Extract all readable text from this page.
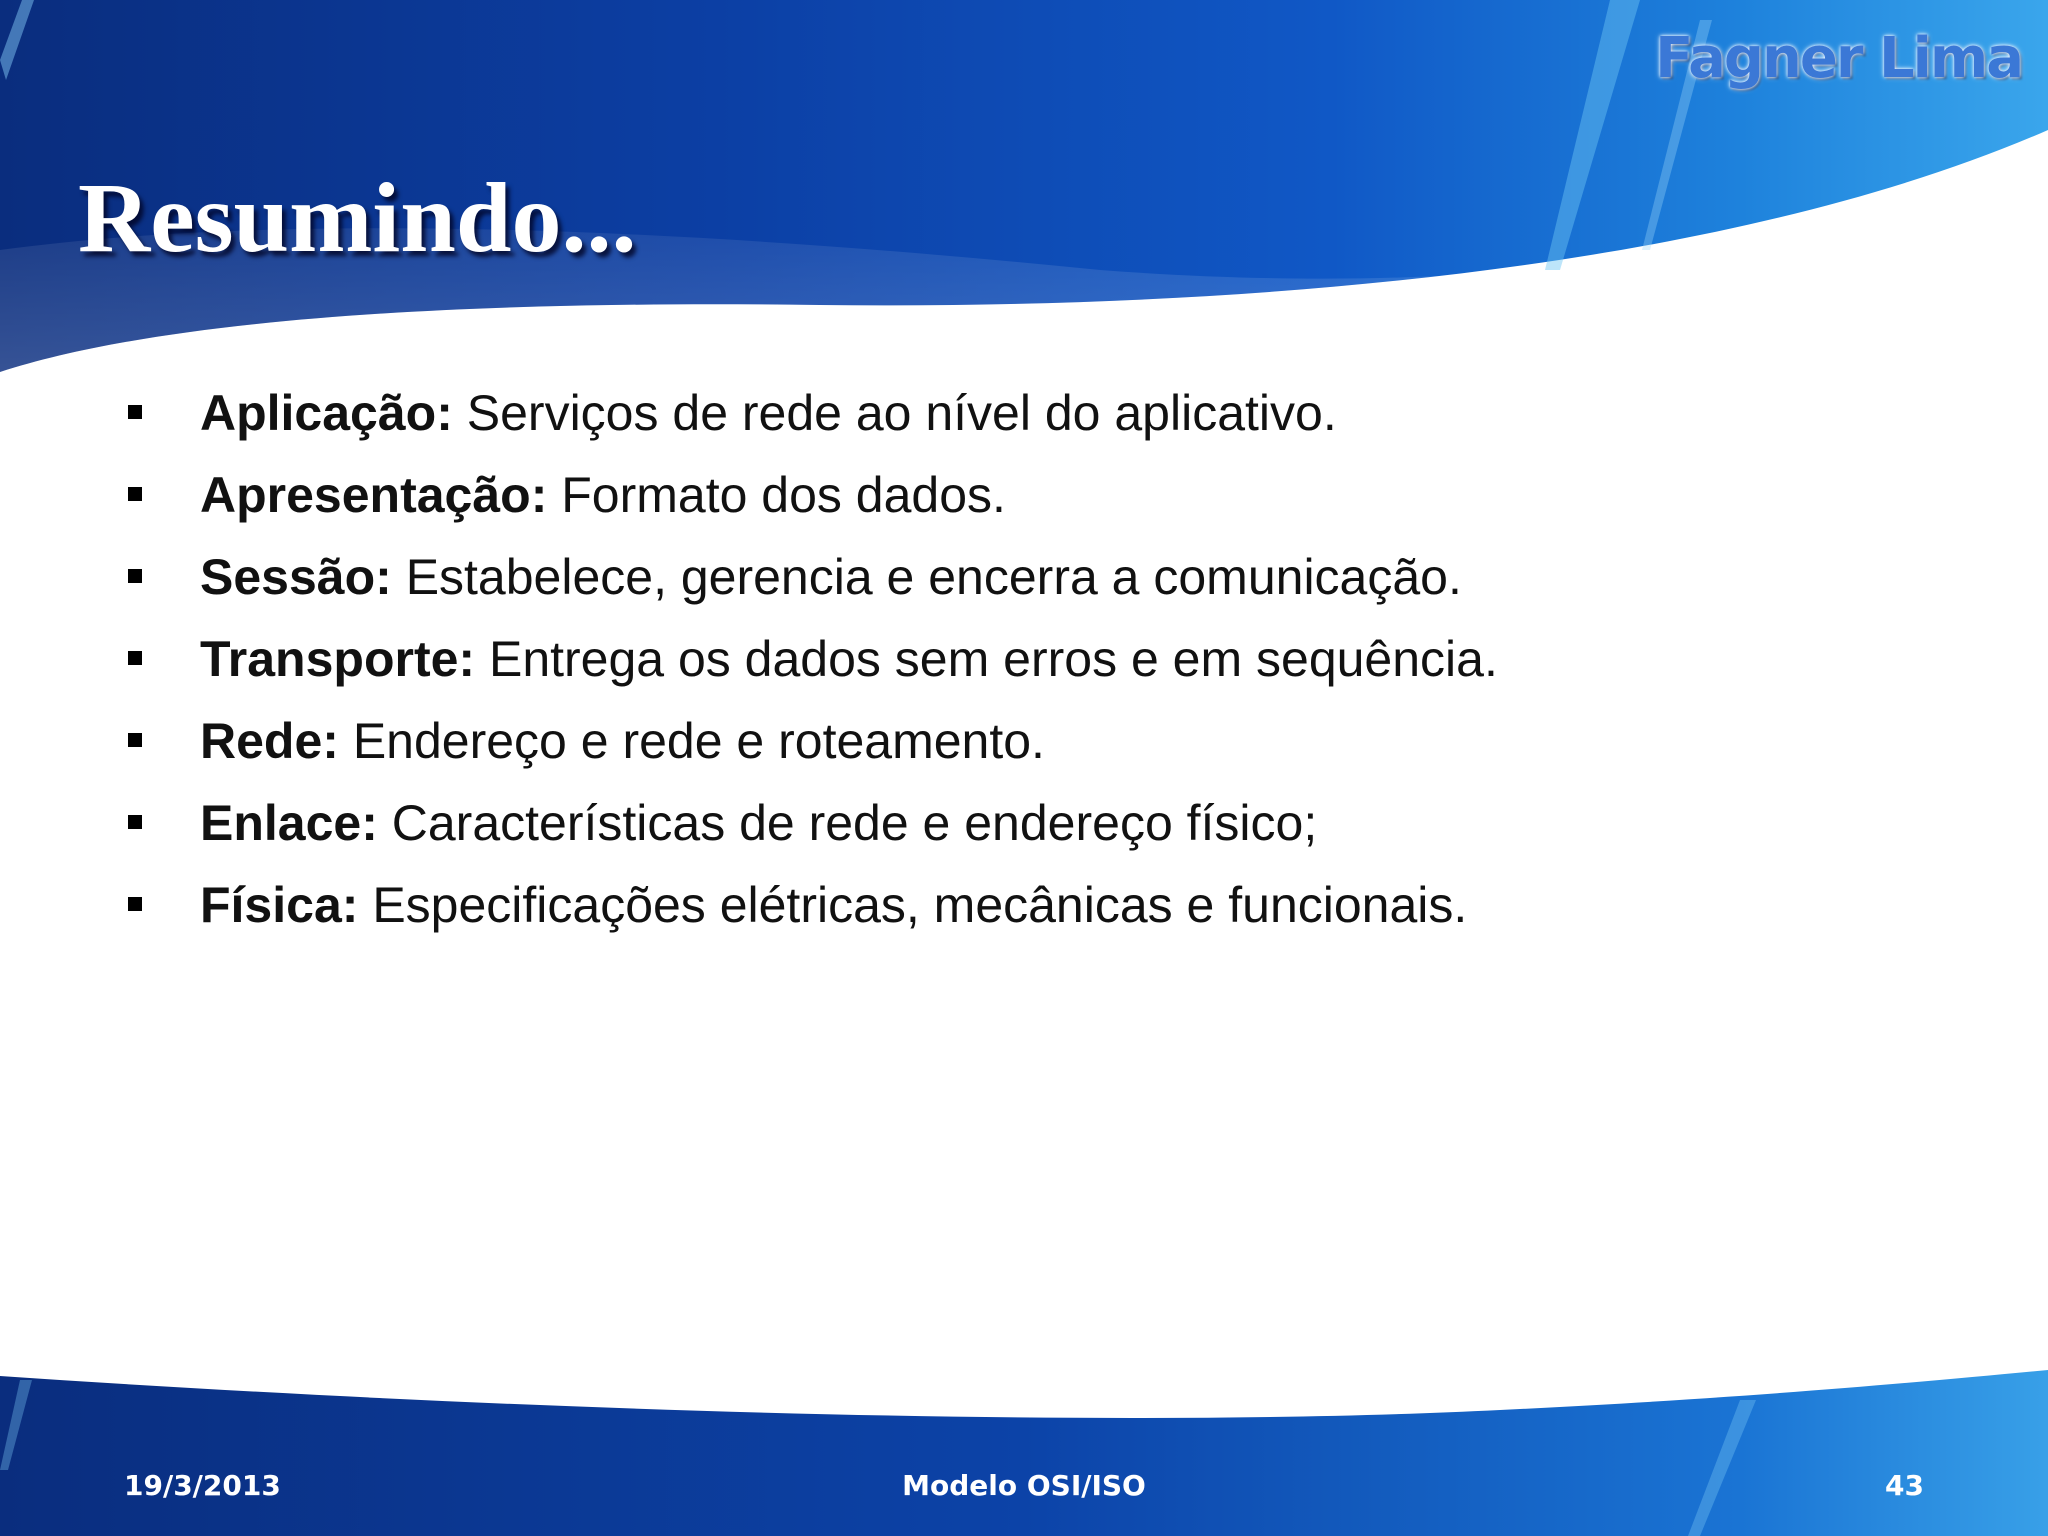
Fagner Lima
Resumindo...
Aplicação: Serviços de rede ao nível do aplicativo.
Apresentação: Formato dos dados.
Sessão: Estabelece, gerencia e encerra a comunicação.
Transporte: Entrega os dados sem erros e em sequência.
Rede: Endereço e rede e roteamento.
Enlace: Características de rede e endereço físico;
Física: Especificações elétricas, mecânicas e funcionais.
19/3/2013	Modelo OSI/ISO	43
